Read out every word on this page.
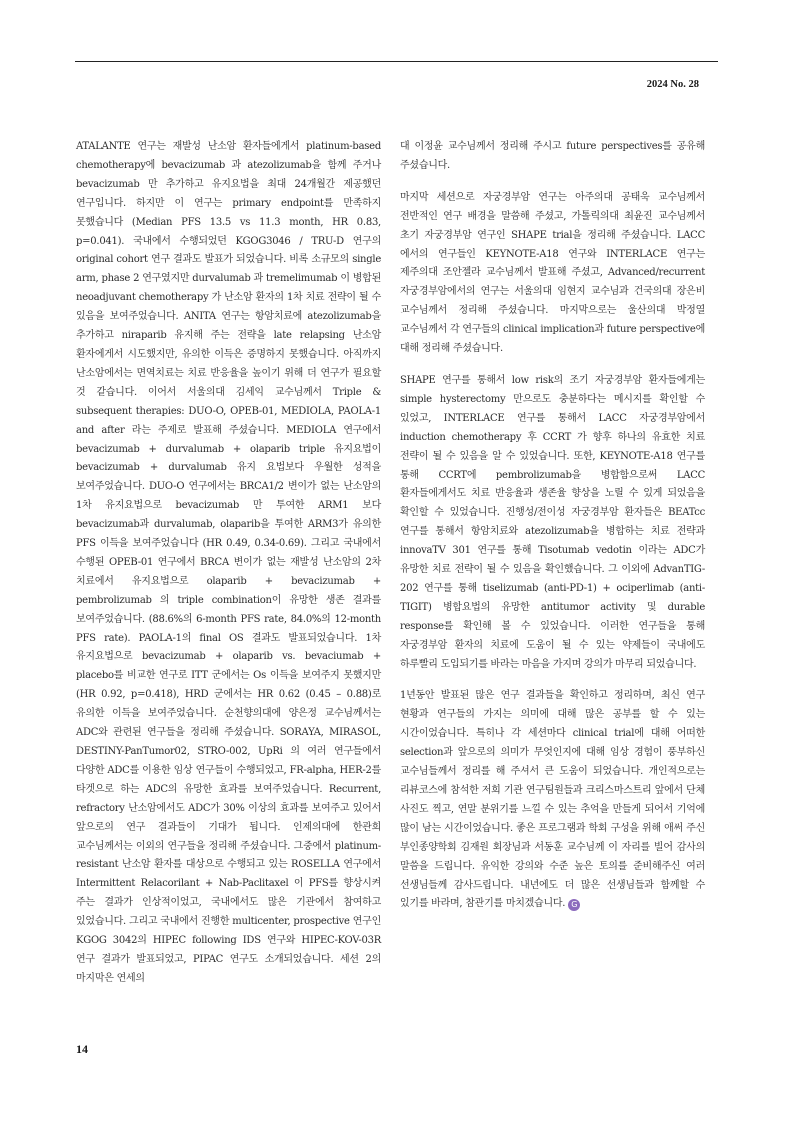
2024 No. 28

ATALANTE 연구는 재발성 난소암 환자들에게서 platinum-based chemotherapy에 bevacizumab 과 atezolizumab을 함께 주거나 bevacizumab 만 추가하고 유지요법을 최대 24개월간 제공했던 연구입니다. 하지만 이 연구는 primary endpoint를 만족하지 못했습니다 (Median PFS 13.5 vs 11.3 month, HR 0.83, p=0.041). 국내에서 수행되었던 KGOG3046 / TRU-D 연구의 original cohort 연구 결과도 발표가 되었습니다. 비록 소규모의 single arm, phase 2 연구였지만 durvalumab 과 tremelimumab 이 병합된 neoadjuvant chemotherapy 가 난소암 환자의 1차 치료 전략이 될 수 있음을 보여주었습니다. ANITA 연구는 항암치료에 atezolizumab을 추가하고 niraparib 유지해 주는 전략을 late relapsing 난소암 환자에게서 시도했지만, 유의한 이득은 증명하지 못했습니다. 아직까지 난소암에서는 면역치료는 치료 반응율을 높이기 위해 더 연구가 필요할 것 같습니다. 이어서 서울의대 김세익 교수님께서 Triple & subsequent therapies: DUO-O, OPEB-01, MEDIOLA, PAOLA-1 and after 라는 주제로 발표해 주셨습니다. MEDIOLA 연구에서 bevacizumab + durvalumab + olaparib triple 유지요법이 bevacizumab + durvalumab 유지 요법보다 우월한 성적을 보여주었습니다. DUO-O 연구에서는 BRCA1/2 변이가 없는 난소암의 1차 유지요법으로 bevacizumab 만 투여한 ARM1 보다 bevacizumab과 durvalumab, olaparib을 투여한 ARM3가 유의한 PFS 이득을 보여주었습니다 (HR 0.49, 0.34-0.69). 그리고 국내에서 수행된 OPEB-01 연구에서 BRCA 변이가 없는 재발성 난소암의 2차 치료에서 유지요법으로 olaparib + bevacizumab + pembrolizumab 의 triple combination이 유망한 생존 결과를 보여주었습니다. (88.6%의 6-month PFS rate, 84.0%의 12-month PFS rate). PAOLA-1의 final OS 결과도 발표되었습니다. 1차 유지요법으로 bevacizumab + olaparib vs. bevaciumab + placebo를 비교한 연구로 ITT 군에서는 Os 이득을 보여주지 못했지만 (HR 0.92, p=0.418), HRD 군에서는 HR 0.62 (0.45 – 0.88)로 유의한 이득을 보여주었습니다. 순천향의대에 양은정 교수님께서는 ADC와 관련된 연구들을 정리해 주셨습니다. SORAYA, MIRASOL, DESTINY-PanTumor02, STRO-002, UpRi 의 여러 연구들에서 다양한 ADC를 이용한 임상 연구들이 수행되었고, FR-alpha, HER-2를 타겟으로 하는 ADC의 유망한 효과를 보여주었습니다. Recurrent, refractory 난소암에서도 ADC가 30% 이상의 효과를 보여주고 있어서 앞으로의 연구 결과들이 기대가 됩니다. 인제의대에 한관희 교수님께서는 이외의 연구들을 정리해 주셨습니다. 그중에서 platinum-resistant 난소암 환자를 대상으로 수행되고 있는 ROSELLA 연구에서 Intermittent Relacorilant + Nab-Paclitaxel 이 PFS를 향상시켜 주는 결과가 인상적이었고, 국내에서도 많은 기관에서 참여하고 있었습니다. 그리고 국내에서 진행한 multicenter, prospective 연구인 KGOG 3042의 HIPEC following IDS 연구와 HIPEC-KOV-03R 연구 결과가 발표되었고, PIPAC 연구도 소개되었습니다. 세션 2의 마지막은 연세의

대 이정윤 교수님께서 정리해 주시고 future perspectives를 공유해 주셨습니다.

마지막 세션으로 자궁경부암 연구는 아주의대 공태욱 교수님께서 전반적인 연구 배경을 말씀해 주셨고, 가톨릭의대 최윤진 교수님께서 초기 자궁경부암 연구인 SHAPE trial을 정리해 주셨습니다. LACC 에서의 연구들인 KEYNOTE-A18 연구와 INTERLACE 연구는 제주의대 조안젤라 교수님께서 발표해 주셨고, Advanced/recurrent 자궁경부암에서의 연구는 서울의대 임현지 교수님과 건국의대 장은비 교수님께서 정리해 주셨습니다. 마지막으로는 울산의대 박정열 교수님께서 각 연구들의 clinical implication과 future perspective에 대해 정리해 주셨습니다.

SHAPE 연구를 통해서 low risk의 조기 자궁경부암 환자들에게는 simple hysterectomy 만으로도 충분하다는 메시지를 확인할 수 있었고, INTERLACE 연구를 통해서 LACC 자궁경부암에서 induction chemotherapy 후 CCRT 가 향후 하나의 유효한 치료 전략이 될 수 있음을 알 수 있었습니다. 또한, KEYNOTE-A18 연구를 통해 CCRT에 pembrolizumab을 병합함으로써 LACC 환자들에게서도 치료 반응율과 생존율 향상을 노릴 수 있게 되었음을 확인할 수 있었습니다. 진행성/전이성 자궁경부암 환자들은 BEATcc 연구를 통해서 항암치료와 atezolizumab을 병합하는 치료 전략과 innovaTV 301 연구를 통해 Tisotumab vedotin 이라는 ADC가 유망한 치료 전략이 될 수 있음을 확인했습니다. 그 이외에 AdvanTIG-202 연구를 통해 tiselizumab (anti-PD-1) + ociperlimab (anti-TIGIT) 병합요법의 유망한 antitumor activity 및 durable response를 확인해 볼 수 있었습니다. 이러한 연구들을 통해 자궁경부암 환자의 치료에 도움이 될 수 있는 약제들이 국내에도 하루빨리 도입되기를 바라는 마음을 가지며 강의가 마무리 되었습니다.

1년동안 발표된 많은 연구 결과들을 확인하고 정리하며, 최신 연구 현황과 연구들의 가지는 의미에 대해 많은 공부를 할 수 있는 시간이었습니다. 특히나 각 세션마다 clinical trial에 대해 어떠한 selection과 앞으로의 의미가 무엇인지에 대해 임상 경험이 풍부하신 교수님들께서 정리를 해 주셔서 큰 도움이 되었습니다. 개인적으로는 리뷰코스에 참석한 저희 기관 연구팀원들과 크리스마스트리 앞에서 단체 사진도 찍고, 연말 분위기를 느낄 수 있는 추억을 만들게 되어서 기억에 많이 남는 시간이었습니다. 좋은 프로그램과 학회 구성을 위해 애써 주신 부인종양학회 김재원 회장님과 서동훈 교수님께 이 자리를 빌어 감사의 말씀을 드립니다. 유익한 강의와 수준 높은 토의를 준비해주신 여러 선생님들께 감사드립니다. 내년에도 더 많은 선생님들과 함께할 수 있기를 바라며, 참관기를 마치겠습니다. G

14
